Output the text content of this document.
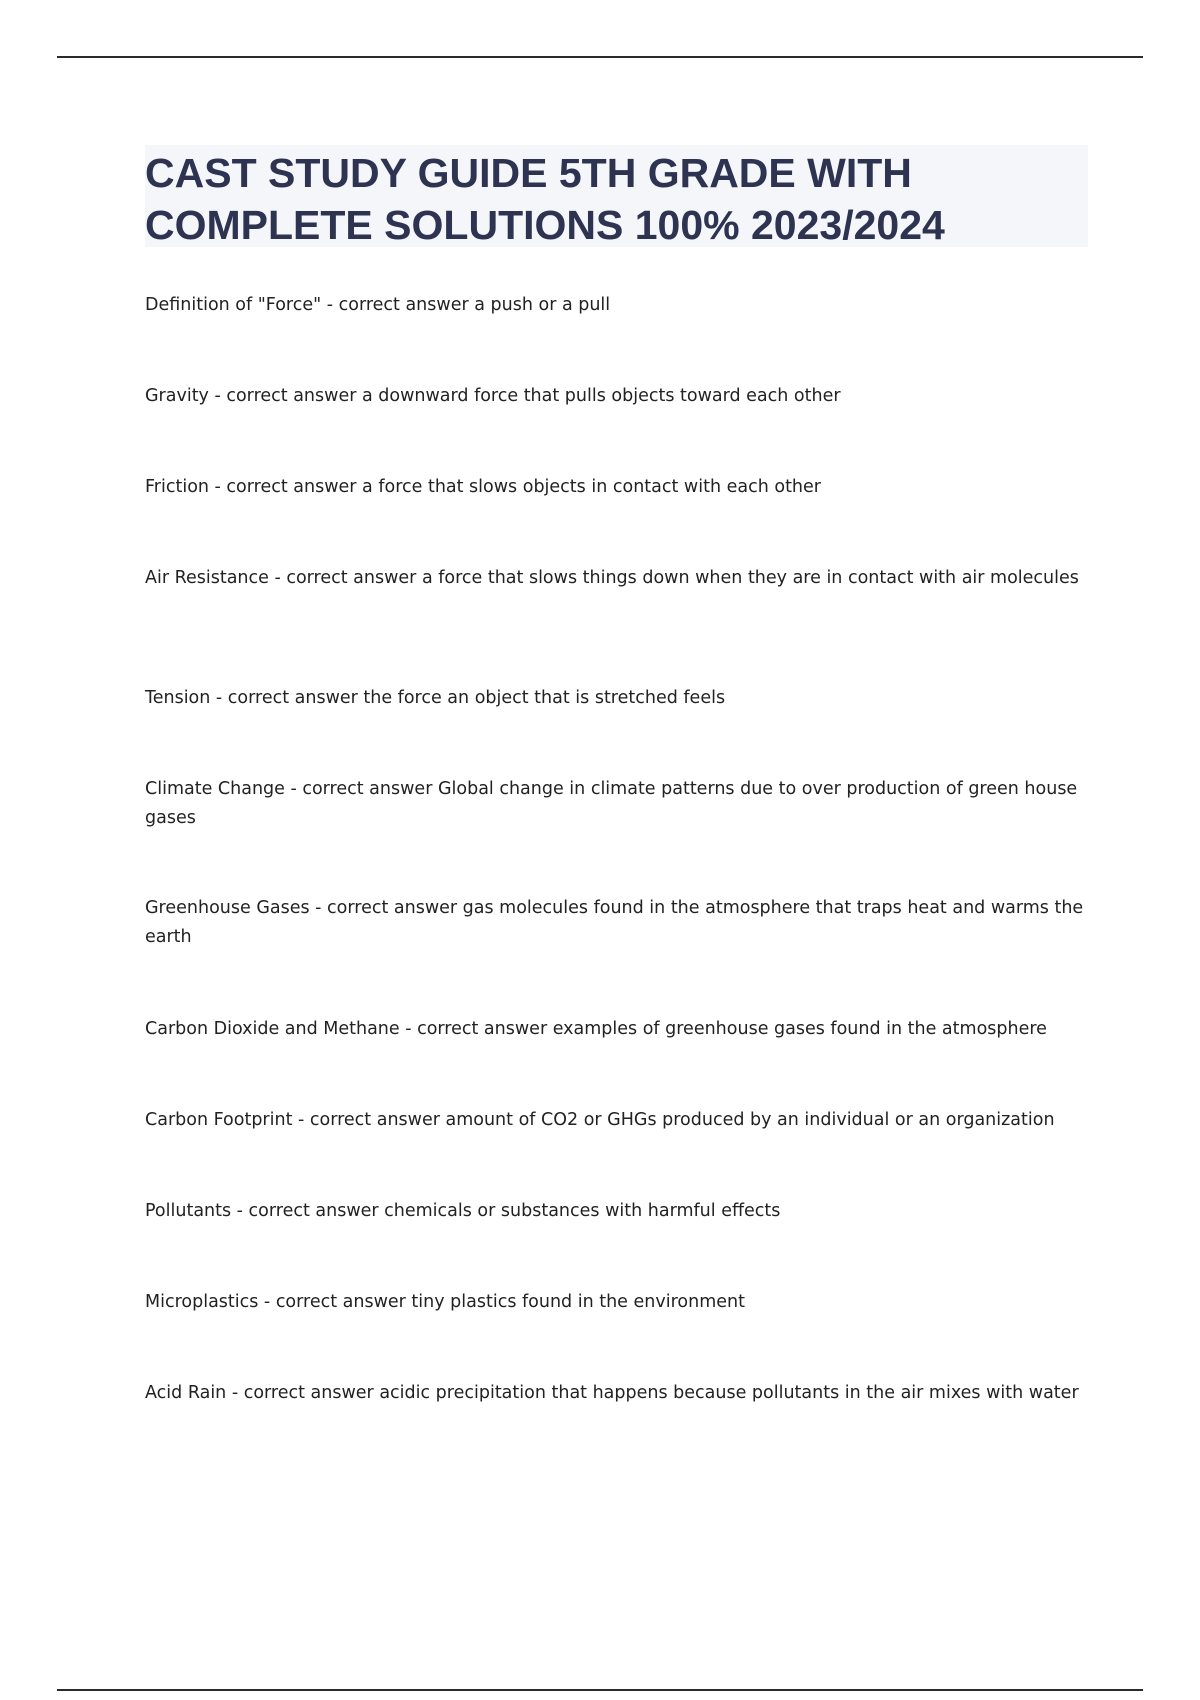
CAST STUDY GUIDE 5TH GRADE WITH COMPLETE SOLUTIONS 100% 2023/2024

Definition of "Force" - correct answer a push or a pull

Gravity - correct answer a downward force that pulls objects toward each other

Friction - correct answer a force that slows objects in contact with each other

Air Resistance - correct answer a force that slows things down when they are in contact with air molecules

Tension - correct answer the force an object that is stretched feels

Climate Change - correct answer Global change in climate patterns due to over production of green house gases

Greenhouse Gases - correct answer gas molecules found in the atmosphere that traps heat and warms the earth

Carbon Dioxide and Methane - correct answer examples of greenhouse gases found in the atmosphere

Carbon Footprint - correct answer amount of CO2 or GHGs produced by an individual or an organization

Pollutants - correct answer chemicals or substances with harmful effects

Microplastics - correct answer tiny plastics found in the environment

Acid Rain - correct answer acidic precipitation that happens because pollutants in the air mixes with water
